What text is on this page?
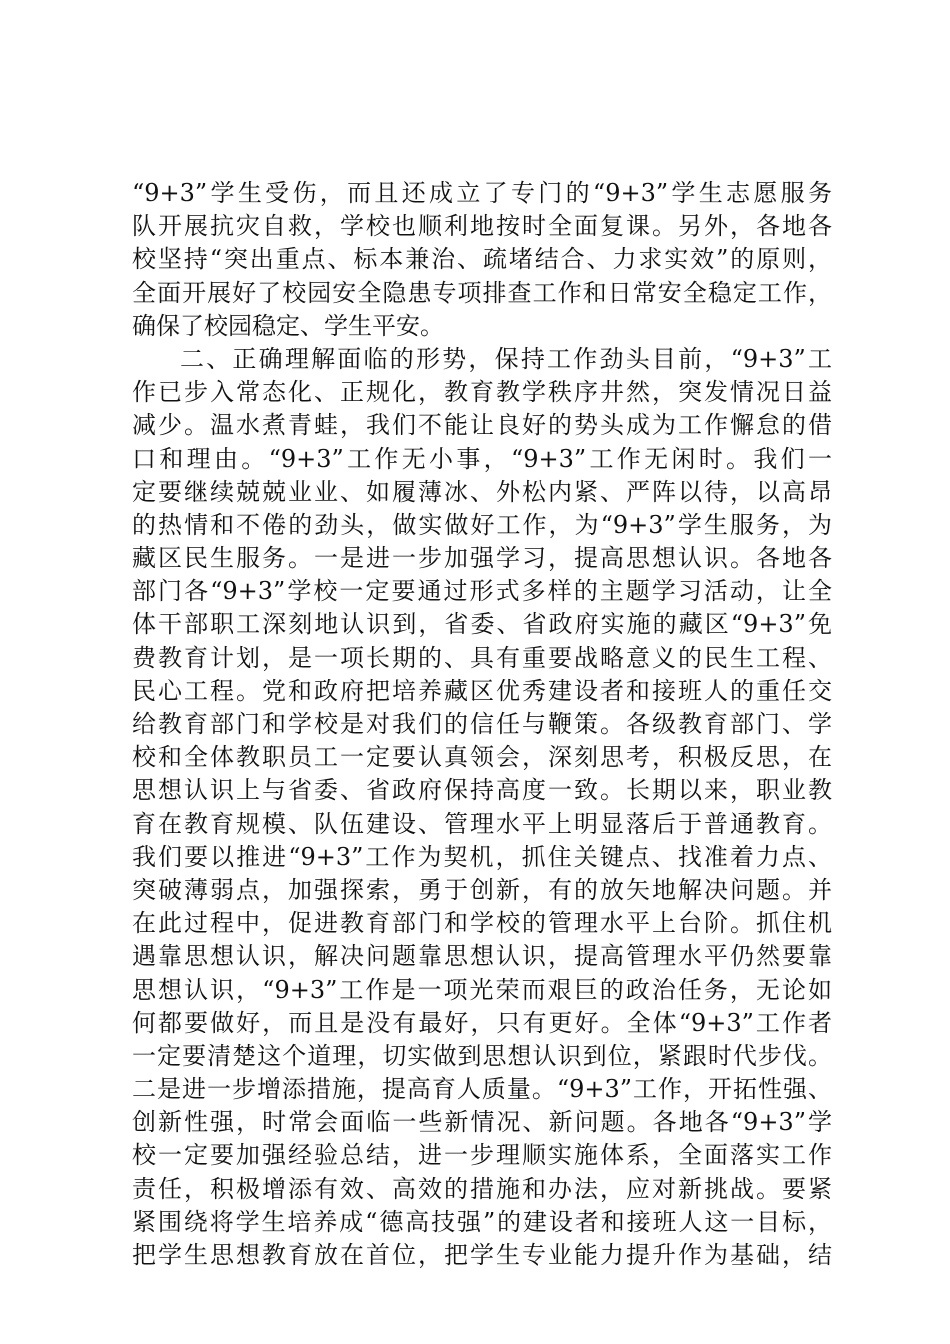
“9+3”学生受伤，而且还成立了专门的“9+3”学生志愿服务
队开展抗灾自救，学校也顺利地按时全面复课。另外，各地各
校坚持“突出重点、标本兼治、疏堵结合、力求实效”的原则，
全面开展好了校园安全隐患专项排查工作和日常安全稳定工作，
确保了校园稳定、学生平安。
二、正确理解面临的形势，保持工作劲头目前，“9+3”工
作已步入常态化、正规化，教育教学秩序井然，突发情况日益
减少。温水煮青蛙，我们不能让良好的势头成为工作懈怠的借
口和理由。“9+3”工作无小事，“9+3”工作无闲时。我们一
定要继续兢兢业业、如履薄冰、外松内紧、严阵以待，以高昂
的热情和不倦的劲头，做实做好工作，为“9+3”学生服务，为
藏区民生服务。一是进一步加强学习，提高思想认识。各地各
部门各“9+3”学校一定要通过形式多样的主题学习活动，让全
体干部职工深刻地认识到，省委、省政府实施的藏区“9+3”免
费教育计划，是一项长期的、具有重要战略意义的民生工程、
民心工程。党和政府把培养藏区优秀建设者和接班人的重任交
给教育部门和学校是对我们的信任与鞭策。各级教育部门、学
校和全体教职员工一定要认真领会，深刻思考，积极反思，在
思想认识上与省委、省政府保持高度一致。长期以来，职业教
育在教育规模、队伍建设、管理水平上明显落后于普通教育。
我们要以推进“9+3”工作为契机，抓住关键点、找准着力点、
突破薄弱点，加强探索，勇于创新，有的放矢地解决问题。并
在此过程中，促进教育部门和学校的管理水平上台阶。抓住机
遇靠思想认识，解决问题靠思想认识，提高管理水平仍然要靠
思想认识，“9+3”工作是一项光荣而艰巨的政治任务，无论如
何都要做好，而且是没有最好，只有更好。全体“9+3”工作者
一定要清楚这个道理，切实做到思想认识到位，紧跟时代步伐。
二是进一步增添措施，提高育人质量。“9+3”工作，开拓性强、
创新性强，时常会面临一些新情况、新问题。各地各“9+3”学
校一定要加强经验总结，进一步理顺实施体系，全面落实工作
责任，积极增添有效、高效的措施和办法，应对新挑战。要紧
紧围绕将学生培养成“德高技强”的建设者和接班人这一目标，
把学生思想教育放在首位，把学生专业能力提升作为基础，结
